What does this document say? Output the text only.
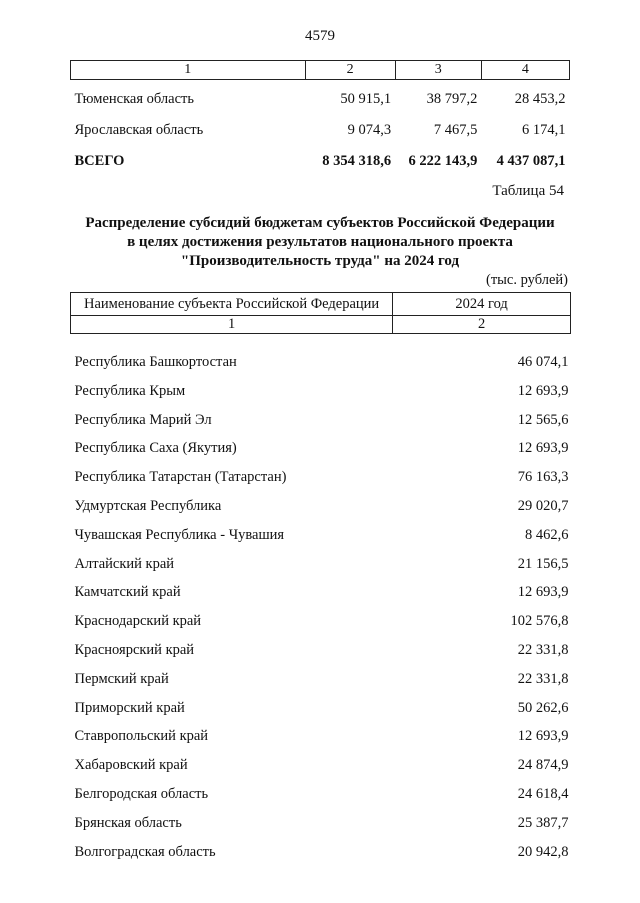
4579
1	2	3	4
Тюменская область	50 915,1	38 797,2	28 453,2
Ярославская область	9 074,3	7 467,5	6 174,1
ВСЕГО	8 354 318,6	6 222 143,9	4 437 087,1
Таблица 54
Распределение субсидий бюджетам субъектов Российской Федерации
в целях достижения результатов национального проекта
"Производительность труда" на 2024 год
(тыс. рублей)
Наименование субъекта Российской Федерации	2024 год
1	2
Республика Башкортостан	46 074,1
Республика Крым	12 693,9
Республика Марий Эл	12 565,6
Республика Саха (Якутия)	12 693,9
Республика Татарстан (Татарстан)	76 163,3
Удмуртская Республика	29 020,7
Чувашская Республика - Чувашия	8 462,6
Алтайский край	21 156,5
Камчатский край	12 693,9
Краснодарский край	102 576,8
Красноярский край	22 331,8
Пермский край	22 331,8
Приморский край	50 262,6
Ставропольский край	12 693,9
Хабаровский край	24 874,9
Белгородская область	24 618,4
Брянская область	25 387,7
Волгоградская область	20 942,8
